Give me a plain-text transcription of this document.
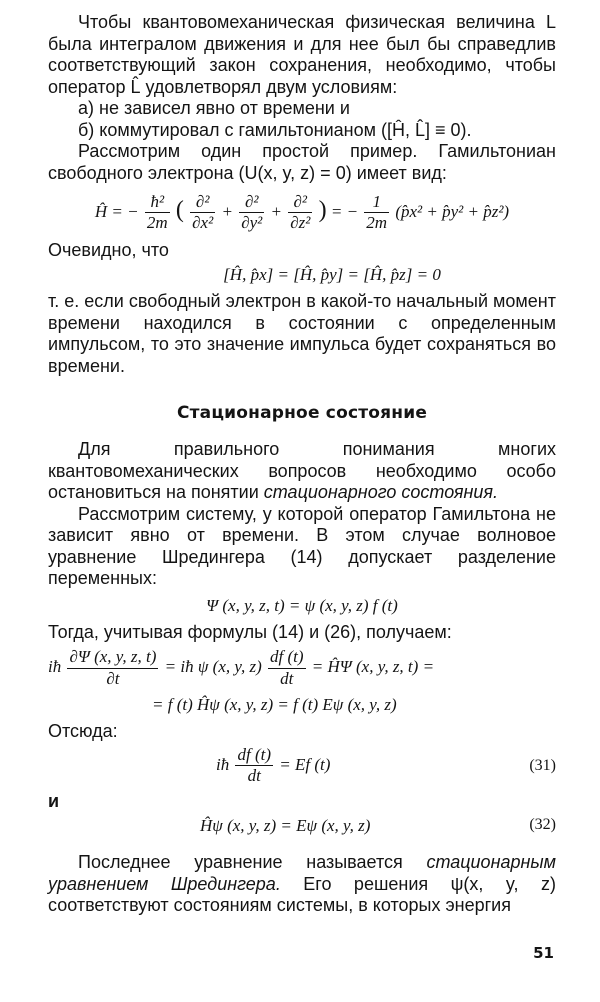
Чтобы квантовомеханическая физическая величина L была интегралом движения и для нее был бы справедлив соответствующий закон сохранения, необходимо, чтобы оператор L̂ удовлетворял двум условиям:

а) не зависел явно от времени и
б) коммутировал с гамильтонианом ([Ĥ, L̂] ≡ 0).

Рассмотрим один простой пример. Гамильтониан свободного электрона (U(x, y, z) = 0) имеет вид:

Ĥ = − $\frac{\text{ħ²}}{2m}$ ( $\frac{\text{∂²}}{\text{∂x²}} + \frac{\text{∂²}}{\text{∂y²}} + \frac{\text{∂²}}{\text{∂z²}}$ ) = − $\frac{1}{2m}$ (p̂x² + p̂y² + p̂z²)
Очевидно, что
[Ĥ, p̂x] = [Ĥ, p̂y] = [Ĥ, p̂z] = 0

т. е. если свободный электрон в какой-то начальный момент времени находился в состоянии с определенным импульсом, то это значение импульса будет сохраняться во времени.

Стационарное состояние

Для правильного понимания многих квантовомеханических вопросов необходимо особо остановиться на понятии стационарного состояния.

Рассмотрим систему, у которой оператор Гамильтона не зависит явно от времени. В этом случае волновое уравнение Шредингера (14) допускает разделение переменных:

Ψ (x, y, z, t) = ψ (x, y, z) f (t)
Тогда, учитывая формулы (14) и (26), получаем:
iħ $\frac{\partial\Psi (x, y, z, t)}{\partial t}$ = iħ ψ (x, y, $z) \frac{df (t)}{dt}$ = ĤΨ (x, y, z, t) =
= f (t) Ĥψ (x, y, z) = f (t) Eψ (x, y, z)
Отсюда:
iħ $\frac{df (t)}{dt} = Ef$ (t)	(31)
и
Ĥψ (x, y, z) = Eψ (x, y, z)	(32)

Последнее уравнение называется стационарным уравнением Шредингера. Его решения ψ(x, y, z) соответствуют состояниям системы, в которых энергия

51
